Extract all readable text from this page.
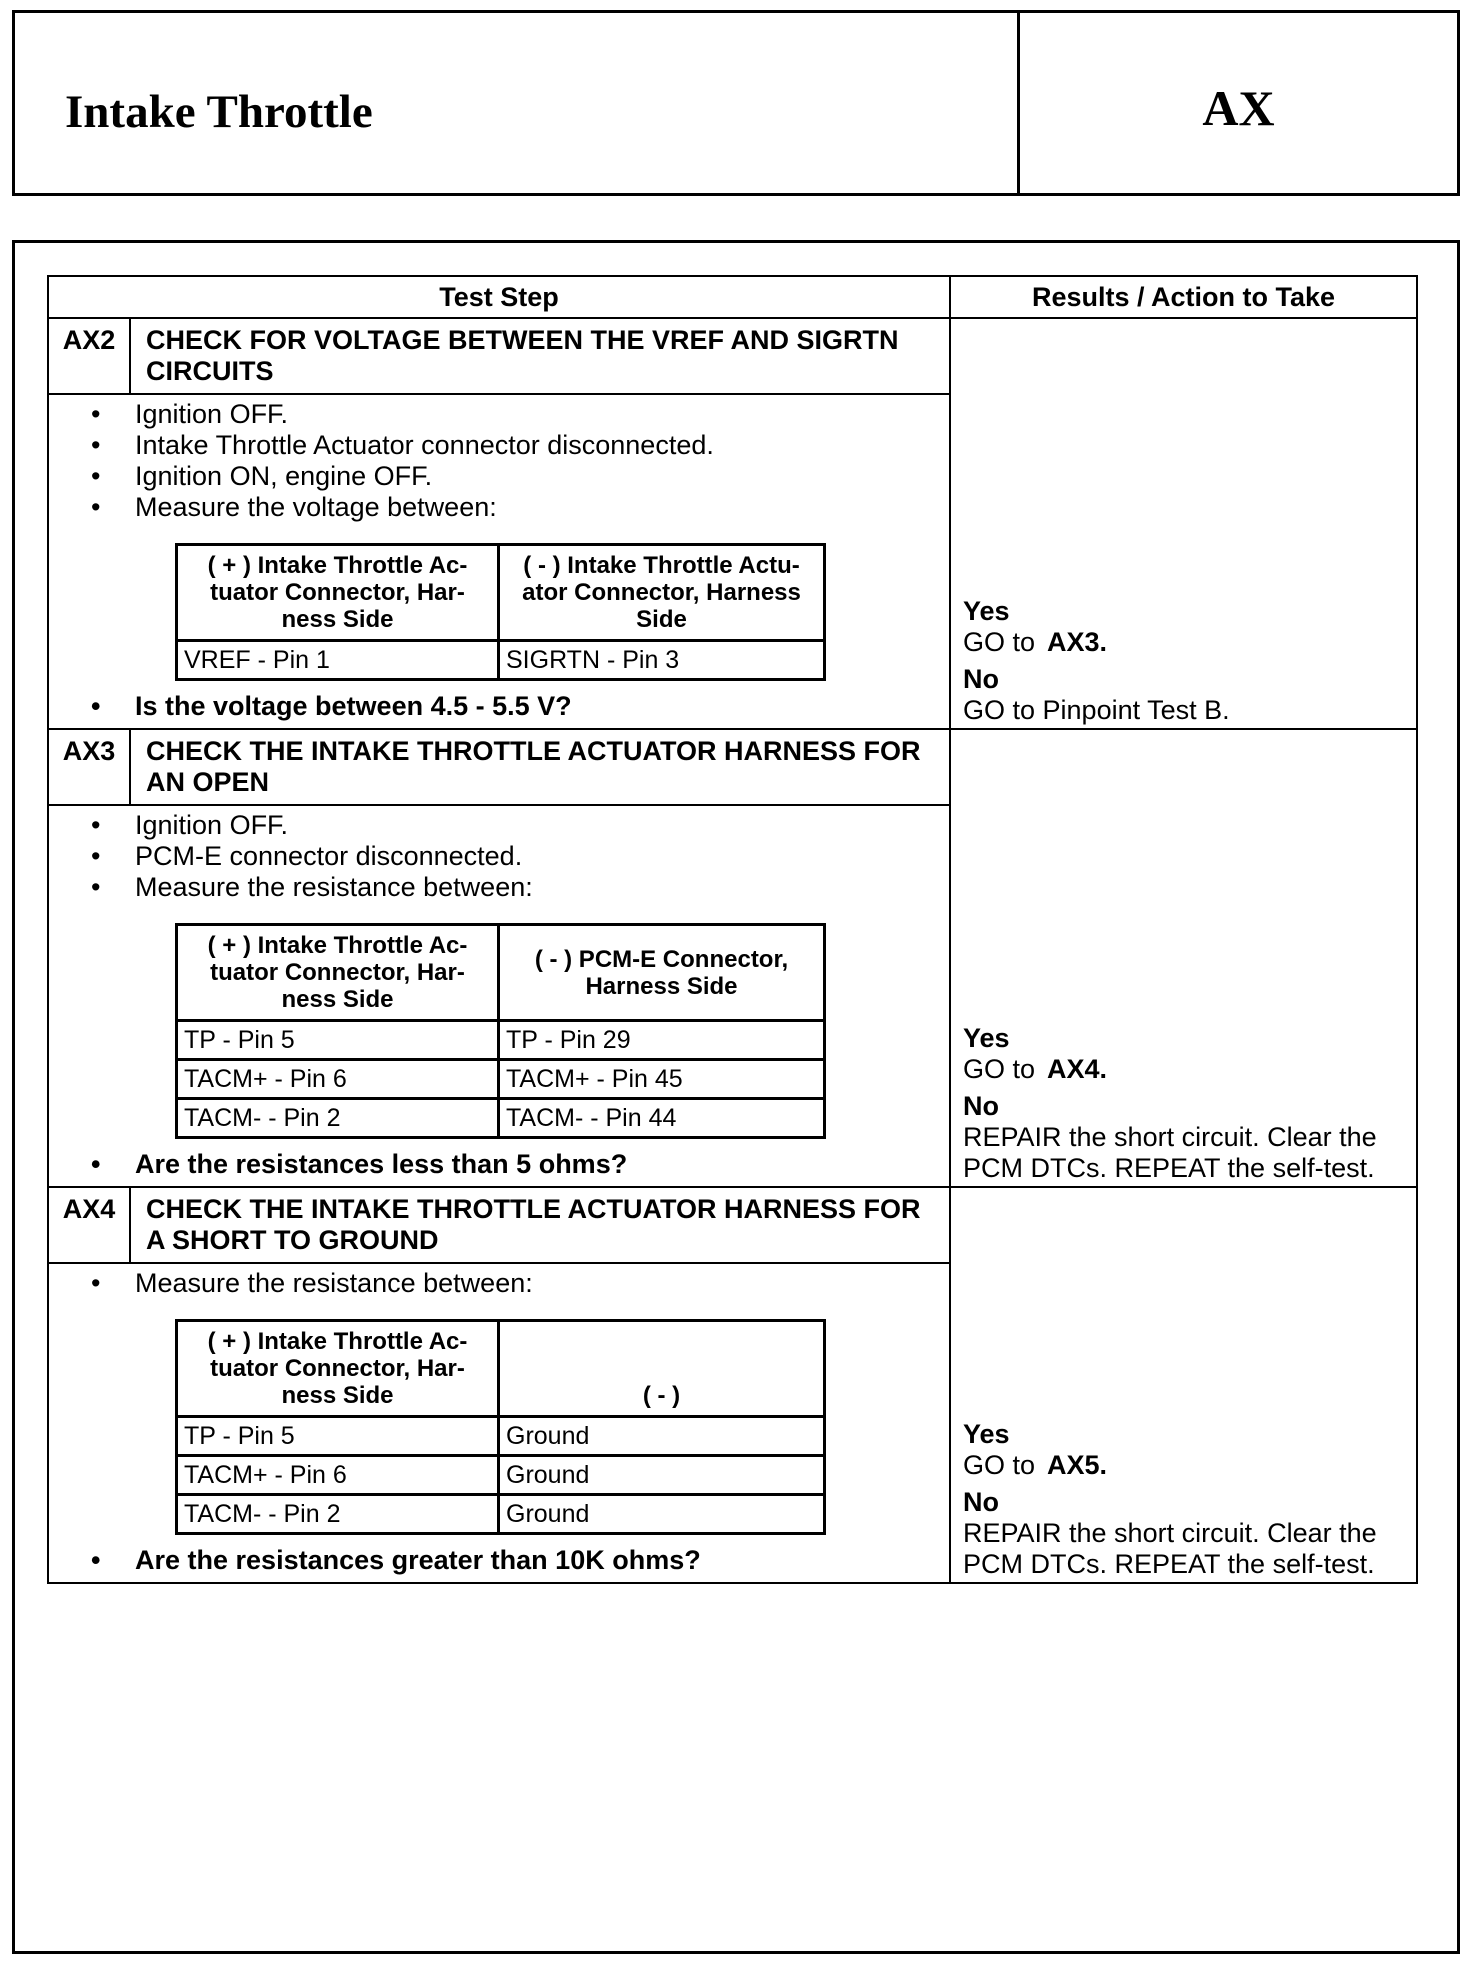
Intake Throttle	AX
Test Step	Results / Action to Take
AX2	CHECK FOR VOLTAGE BETWEEN THE VREF AND SIGRTN CIRCUITS	
Yes
GO to AX3.
No
GO to Pinpoint Test B.

• Ignition OFF.
• Intake Throttle Actuator connector disconnected.
• Ignition ON, engine OFF.
• Measure the voltage between:
( + ) Intake Throttle Ac-tuator Connector, Har-ness Side	( - ) Intake Throttle Actu-ator Connector, Harness Side
VREF - Pin 1	SIGRTN - Pin 3
• Is the voltage between 4.5 - 5.5 V?

AX3	CHECK THE INTAKE THROTTLE ACTUATOR HARNESS FOR AN OPEN	
Yes
GO to AX4.
No
REPAIR the short circuit. Clear the PCM DTCs. REPEAT the self-test.

• Ignition OFF.
• PCM-E connector disconnected.
• Measure the resistance between:
( + ) Intake Throttle Ac-tuator Connector, Har-ness Side	( - ) PCM-E Connector, Harness Side
TP - Pin 5	TP - Pin 29
TACM+ - Pin 6	TACM+ - Pin 45
TACM- - Pin 2	TACM- - Pin 44
• Are the resistances less than 5 ohms?

AX4	CHECK THE INTAKE THROTTLE ACTUATOR HARNESS FOR A SHORT TO GROUND	
Yes
GO to AX5.
No
REPAIR the short circuit. Clear the PCM DTCs. REPEAT the self-test.

• Measure the resistance between:
( + ) Intake Throttle Ac-tuator Connector, Har-ness Side	( - )
TP - Pin 5	Ground
TACM+ - Pin 6	Ground
TACM- - Pin 2	Ground
• Are the resistances greater than 10K ohms?
